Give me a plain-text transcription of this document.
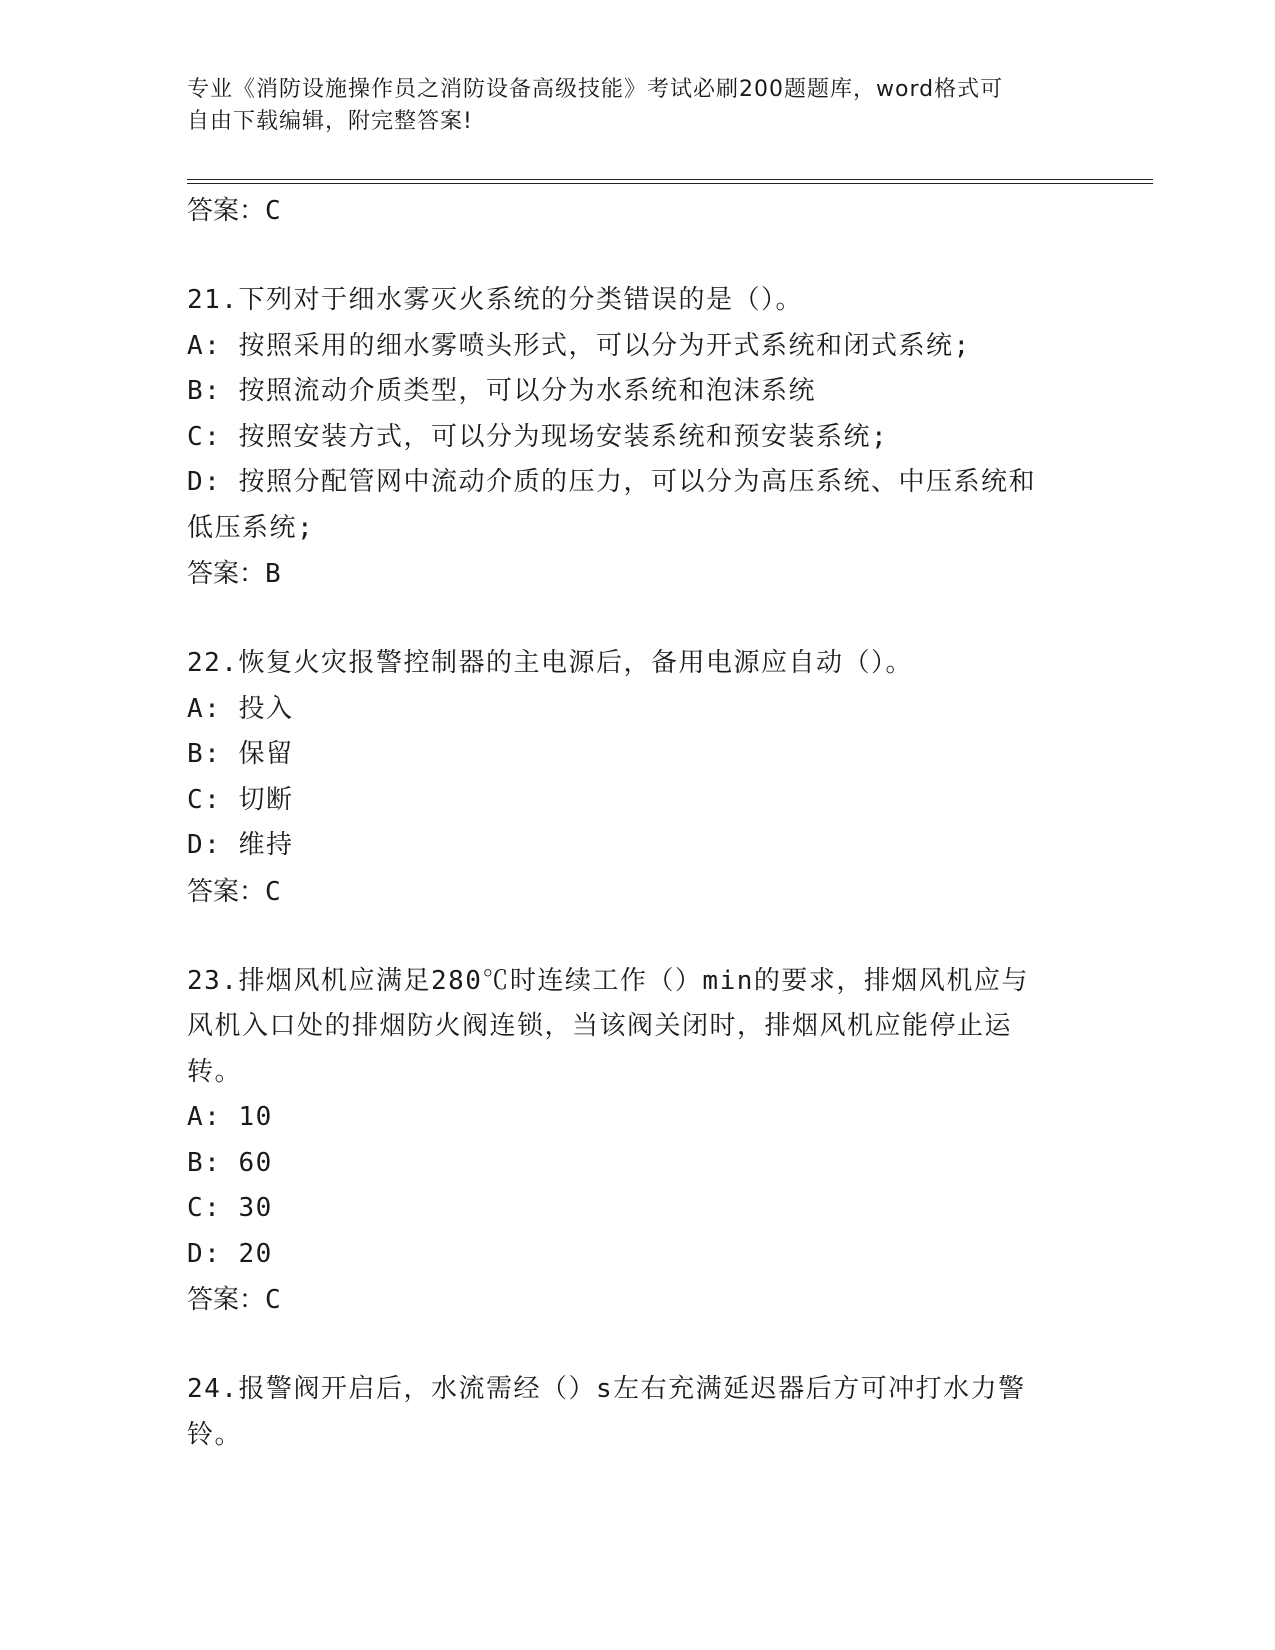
专业《消防设施操作员之消防设备高级技能》考试必刷200题题库，word格式可
自由下载编辑，附完整答案!
答案：C

21.下列对于细水雾灭火系统的分类错误的是（）。

A: 按照采用的细水雾喷头形式，可以分为开式系统和闭式系统;

B: 按照流动介质类型，可以分为水系统和泡沫系统

C: 按照安装方式，可以分为现场安装系统和预安装系统;

D: 按照分配管网中流动介质的压力，可以分为高压系统、中压系统和

低压系统;

答案：B

22.恢复火灾报警控制器的主电源后，备用电源应自动（）。

A: 投入

B: 保留

C: 切断

D: 维持

答案：C

23.排烟风机应满足280℃时连续工作（）min的要求，排烟风机应与

风机入口处的排烟防火阀连锁，当该阀关闭时，排烟风机应能停止运

转。

A: 10

B: 60

C: 30

D: 20

答案：C

24.报警阀开启后，水流需经（）s左右充满延迟器后方可冲打水力警

铃。
